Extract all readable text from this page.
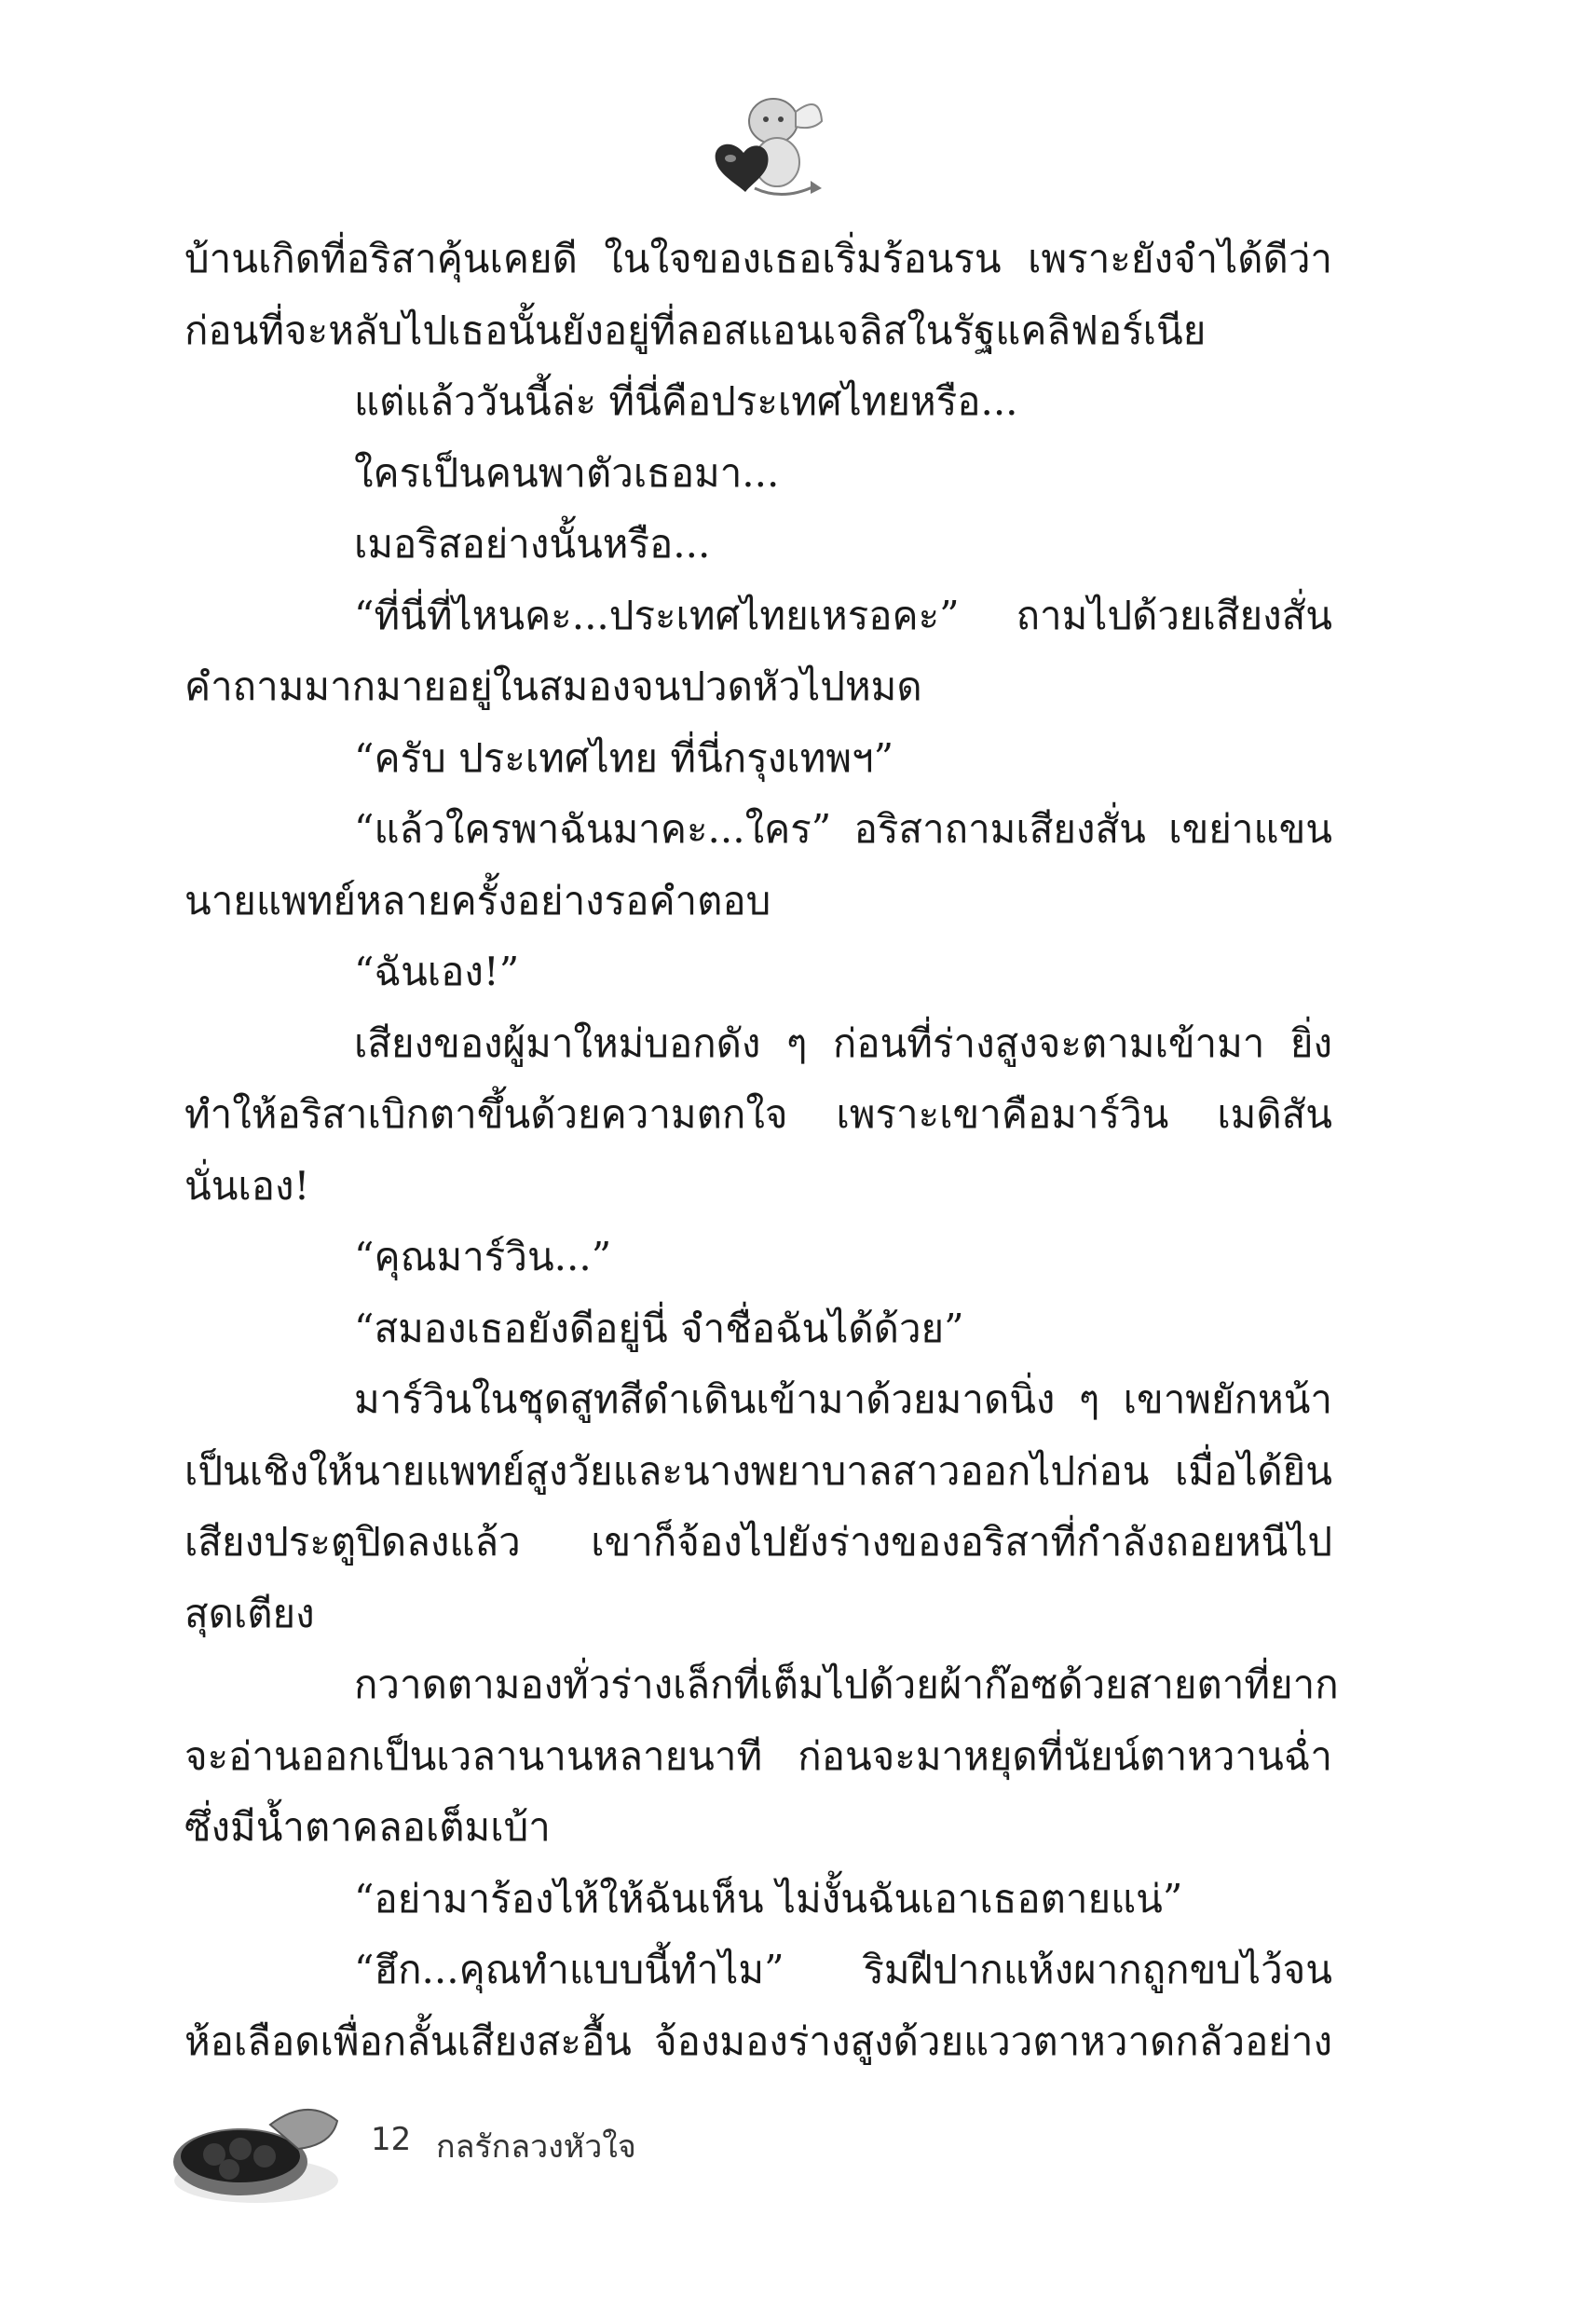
บ้านเกิดที่อริสาคุ้นเคยดี ในใจของเธอเริ่มร้อนรน เพราะยังจำได้ดีว่า
ก่อนที่จะหลับไปเธอนั้นยังอยู่ที่ลอสแอนเจลิสในรัฐแคลิฟอร์เนีย
แต่แล้ววันนี้ล่ะ ที่นี่คือประเทศไทยหรือ...
ใครเป็นคนพาตัวเธอมา...
เมอริสอย่างนั้นหรือ...
“ที่นี่ที่ไหนคะ...ประเทศไทยเหรอคะ” ถามไปด้วยเสียงสั่น
คำถามมากมายอยู่ในสมองจนปวดหัวไปหมด
“ครับ ประเทศไทย ที่นี่กรุงเทพฯ”
“แล้วใครพาฉันมาคะ...ใคร” อริสาถามเสียงสั่น เขย่าแขน
นายแพทย์หลายครั้งอย่างรอคำตอบ
“ฉันเอง!”
เสียงของผู้มาใหม่บอกดัง ๆ ก่อนที่ร่างสูงจะตามเข้ามา ยิ่ง
ทำให้อริสาเบิกตาขึ้นด้วยความตกใจ เพราะเขาคือมาร์วิน เมดิสัน
นั่นเอง!
“คุณมาร์วิน...”
“สมองเธอยังดีอยู่นี่ จำชื่อฉันได้ด้วย”
มาร์วินในชุดสูทสีดำเดินเข้ามาด้วยมาดนิ่ง ๆ เขาพยักหน้า
เป็นเชิงให้นายแพทย์สูงวัยและนางพยาบาลสาวออกไปก่อน เมื่อได้ยิน
เสียงประตูปิดลงแล้ว เขาก็จ้องไปยังร่างของอริสาที่กำลังถอยหนีไป
สุดเตียง
กวาดตามองทั่วร่างเล็กที่เต็มไปด้วยผ้าก๊อซด้วยสายตาที่ยาก
จะอ่านออกเป็นเวลานานหลายนาที ก่อนจะมาหยุดที่นัยน์ตาหวานฉ่ำ
ซึ่งมีน้ำตาคลอเต็มเบ้า
“อย่ามาร้องไห้ให้ฉันเห็น ไม่งั้นฉันเอาเธอตายแน่”
“ฮึก...คุณทำแบบนี้ทำไม” ริมฝีปากแห้งผากถูกขบไว้จน
ห้อเลือดเพื่อกลั้นเสียงสะอื้น จ้องมองร่างสูงด้วยแววตาหวาดกลัวอย่าง
12 กลรักลวงหัวใจ
